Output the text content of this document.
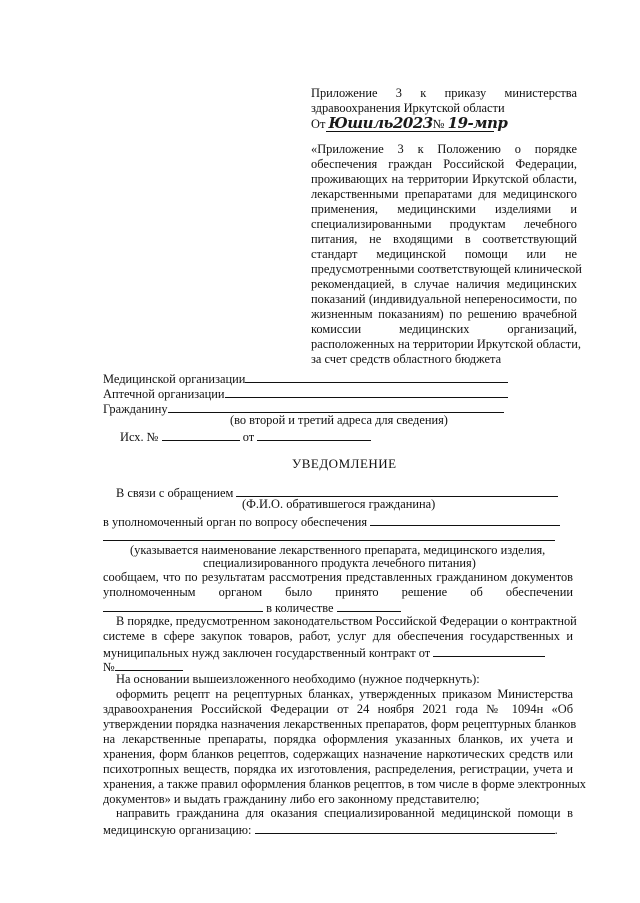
Приложение 3 к приказу министерства
здравоохранения Иркутской области
От Юшиль2023№ 19-мпр
«Приложение 3 к Положению о порядке
обеспечения граждан Российской Федерации,
проживающих на территории Иркутской области,
лекарственными препаратами для медицинского
применения, медицинскими изделиями и
специализированными продуктам лечебного
питания, не входящими в соответствующий
стандарт медицинской помощи или не
предусмотренными соответствующей клинической
рекомендацией, в случае наличия медицинских
показаний (индивидуальной непереносимости, по
жизненным показаниям) по решению врачебной
комиссии медицинских организаций,
расположенных на территории Иркутской области,
за счет средств областного бюджета
Медицинской организации
Аптечной организации
Гражданину
(во второй и третий адреса для сведения)
Исх. №	от
УВЕДОМЛЕНИЕ
В связи с обращением
(Ф.И.О. обратившегося гражданина)
в уполномоченный орган по вопросу обеспечения
(указывается наименование лекарственного препарата, медицинского изделия,
специализированного продукта лечебного питания)
сообщаем, что по результатам рассмотрения представленных гражданином документов
уполномоченным органом было принято решение об обеспечении
в количестве
В порядке, предусмотренном законодательством Российской Федерации о контрактной
системе в сфере закупок товаров, работ, услуг для обеспечения государственных и
муниципальных нужд заключен государственный контракт от
№
На основании вышеизложенного необходимо (нужное подчеркнуть):
оформить рецепт на рецептурных бланках, утвержденных приказом Министерства
здравоохранения Российской Федерации от 24 ноября 2021 года № 1094н «Об
утверждении порядка назначения лекарственных препаратов, форм рецептурных бланков
на лекарственные препараты, порядка оформления указанных бланков, их учета и
хранения, форм бланков рецептов, содержащих назначение наркотических средств или
психотропных веществ, порядка их изготовления, распределения, регистрации, учета и
хранения, а также правил оформления бланков рецептов, в том числе в форме электронных
документов» и выдать гражданину либо его законному представителю;
направить гражданина для оказания специализированной медицинской помощи в
медицинскую организацию:	.
